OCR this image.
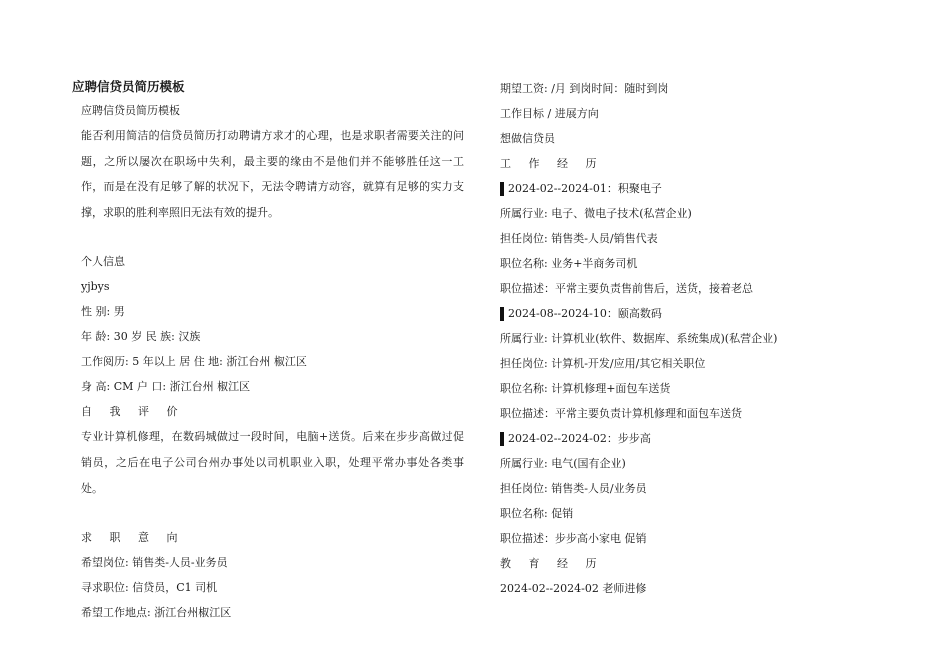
应聘信贷员简历模板
应聘信贷员简历模板

能否利用简洁的信贷员简历打动聘请方求才的心理，也是求职者需要关注的问题，之所以屡次在职场中失利，最主要的缘由不是他们并不能够胜任这一工作，而是在没有足够了解的状况下，无法令聘请方动容，就算有足够的实力支撑，求职的胜利率照旧无法有效的提升。

个人信息
yjbys
性 别: 男
年 龄: 30 岁 民 族: 汉族
工作阅历: 5 年以上 居 住 地: 浙江台州 椒江区
身 高: CM 户 口: 浙江台州 椒江区
自 我 评 价

专业计算机修理，在数码城做过一段时间，电脑+送货。后来在步步高做过促销员，之后在电子公司台州办事处以司机职业入职，处理平常办事处各类事处。

求 职 意 向
希望岗位: 销售类-人员-业务员
寻求职位: 信贷员，C1 司机
希望工作地点: 浙江台州椒江区
期望工资: /月 到岗时间：随时到岗
工作目标 / 进展方向
想做信贷员
工 作 经 历
2024-02--2024-01：积聚电子
所属行业: 电子、微电子技术(私营企业)
担任岗位: 销售类-人员/销售代表
职位名称: 业务+半商务司机
职位描述：平常主要负责售前售后，送货，接着老总
2024-08--2024-10：颐高数码
所属行业: 计算机业(软件、数据库、系统集成)(私营企业)
担任岗位: 计算机-开发/应用/其它相关职位
职位名称: 计算机修理+面包车送货
职位描述：平常主要负责计算机修理和面包车送货
2024-02--2024-02：步步高
所属行业: 电气(国有企业)
担任岗位: 销售类-人员/业务员
职位名称: 促销
职位描述：步步高小家电 促销
教 育 经 历
2024-02--2024-02 老师进修
